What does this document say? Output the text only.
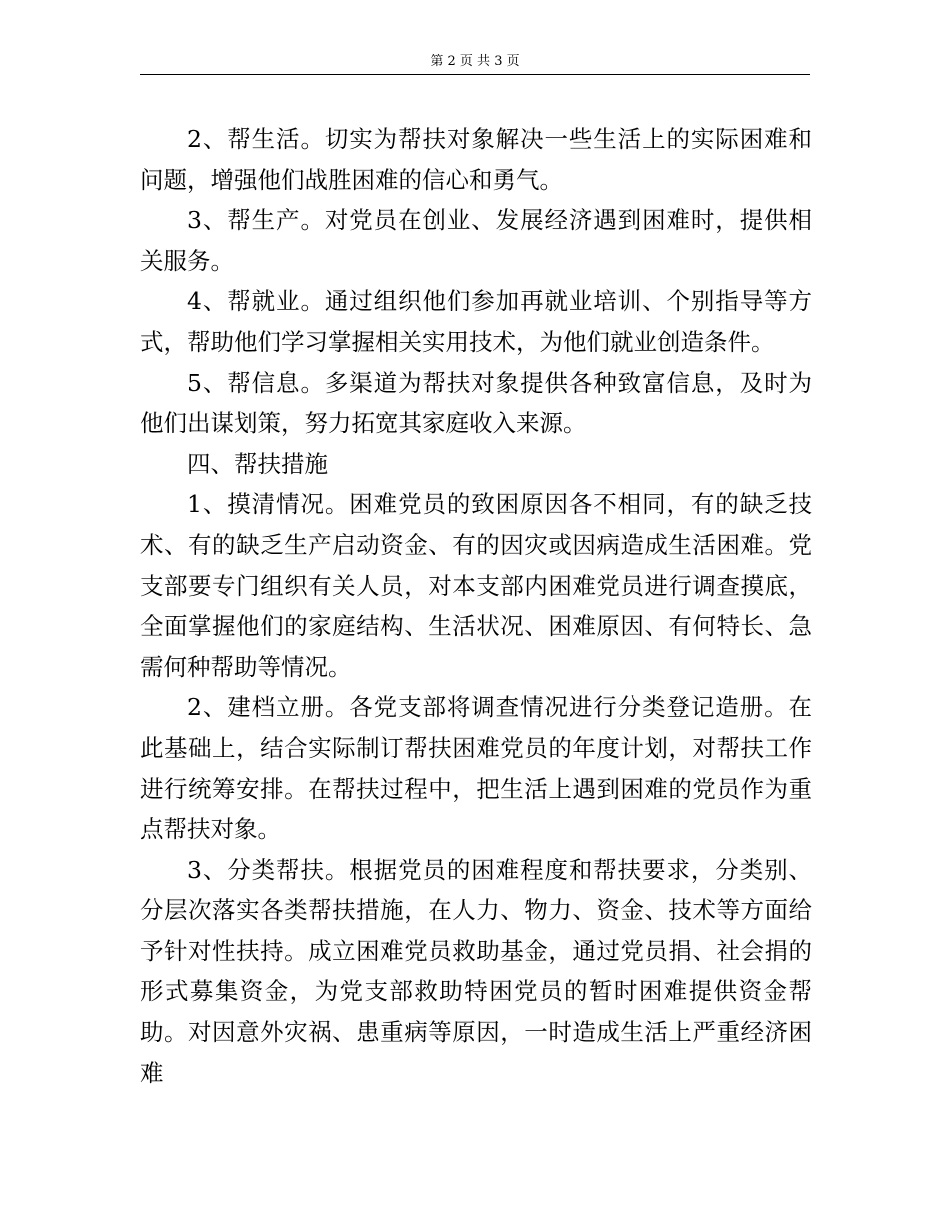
第 2 页 共 3 页

2、帮生活。切实为帮扶对象解决一些生活上的实际困难和问题，增强他们战胜困难的信心和勇气。

3、帮生产。对党员在创业、发展经济遇到困难时，提供相关服务。

4、帮就业。通过组织他们参加再就业培训、个别指导等方式，帮助他们学习掌握相关实用技术，为他们就业创造条件。

5、帮信息。多渠道为帮扶对象提供各种致富信息，及时为他们出谋划策，努力拓宽其家庭收入来源。

四、帮扶措施

1、摸清情况。困难党员的致困原因各不相同，有的缺乏技术、有的缺乏生产启动资金、有的因灾或因病造成生活困难。党支部要专门组织有关人员，对本支部内困难党员进行调查摸底，全面掌握他们的家庭结构、生活状况、困难原因、有何特长、急需何种帮助等情况。

2、建档立册。各党支部将调查情况进行分类登记造册。在此基础上，结合实际制订帮扶困难党员的年度计划，对帮扶工作进行统筹安排。在帮扶过程中，把生活上遇到困难的党员作为重点帮扶对象。

3、分类帮扶。根据党员的困难程度和帮扶要求，分类别、分层次落实各类帮扶措施，在人力、物力、资金、技术等方面给予针对性扶持。成立困难党员救助基金，通过党员捐、社会捐的形式募集资金，为党支部救助特困党员的暂时困难提供资金帮助。对因意外灾祸、患重病等原因，一时造成生活上严重经济困难
